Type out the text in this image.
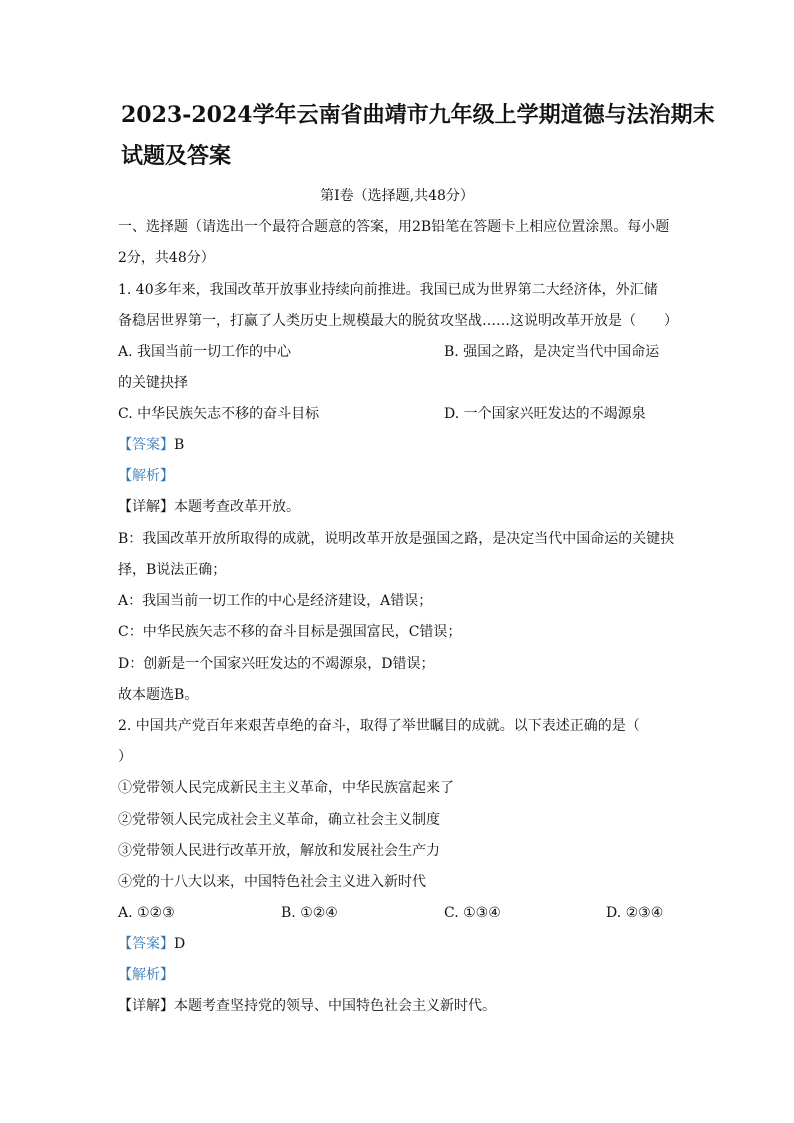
2023-2024学年云南省曲靖市九年级上学期道德与法治期末
试题及答案
第Ⅰ卷（选择题,共48分）
一、选择题（请选出一个最符合题意的答案，用2B铅笔在答题卡上相应位置涂黑。每小题
2分，共48分）
1. 40多年来，我国改革开放事业持续向前推进。我国已成为世界第二大经济体，外汇储
备稳居世界第一，打赢了人类历史上规模最大的脱贫攻坚战……这说明改革开放是（　　）
A. 我国当前一切工作的中心	B. 强国之路，是决定当代中国命运
的关键抉择
C. 中华民族矢志不移的奋斗目标	D. 一个国家兴旺发达的不竭源泉
【答案】B
【解析】
【详解】本题考查改革开放。
B：我国改革开放所取得的成就，说明改革开放是强国之路，是决定当代中国命运的关键抉
择，B说法正确；
A：我国当前一切工作的中心是经济建设，A错误；
C：中华民族矢志不移的奋斗目标是强国富民，C错误；
D：创新是一个国家兴旺发达的不竭源泉，D错误；
故本题选B。
2. 中国共产党百年来艰苦卓绝的奋斗，取得了举世瞩目的成就。以下表述正确的是（
）
①党带领人民完成新民主主义革命，中华民族富起来了
②党带领人民完成社会主义革命，确立社会主义制度
③党带领人民进行改革开放，解放和发展社会生产力
④党的十八大以来，中国特色社会主义进入新时代
A. ①②③	B. ①②④	C. ①③④	D. ②③④
【答案】D
【解析】
【详解】本题考查坚持党的领导、中国特色社会主义新时代。
